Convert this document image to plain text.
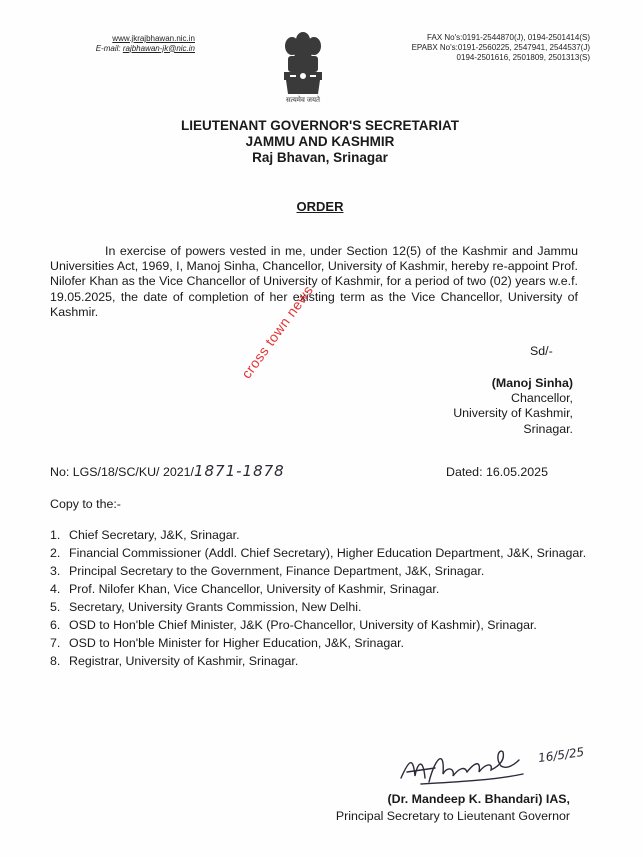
www.jkrajbhawan.nic.in
E-mail: rajbhawan-jk@nic.in
सत्यमेव जयते
FAX No's:0191-2544870(J), 0194-2501414(S)
EPABX No's:0191-2560225, 2547941, 2544537(J)
0194-2501616, 2501809, 2501313(S)
LIEUTENANT GOVERNOR'S SECRETARIAT
JAMMU AND KASHMIR
Raj Bhavan, Srinagar
ORDER
In exercise of powers vested in me, under Section 12(5) of the Kashmir and Jammu Universities Act, 1969, I, Manoj Sinha, Chancellor, University of Kashmir, hereby re-appoint Prof. Nilofer Khan as the Vice Chancellor of University of Kashmir, for a period of two (02) years w.e.f. 19.05.2025, the date of completion of her existing term as the Vice Chancellor, University of Kashmir.	cross town news	Sd/-
(Manoj Sinha)
Chancellor,
University of Kashmir,
Srinagar.
No: LGS/18/SC/KU/ 2021/1871-1878	Dated: 16.05.2025
Copy to the:-
1. Chief Secretary, J&K, Srinagar.
2. Financial Commissioner (Addl. Chief Secretary), Higher Education Department, J&K, Srinagar.
3. Principal Secretary to the Government, Finance Department, J&K, Srinagar.
4. Prof. Nilofer Khan, Vice Chancellor, University of Kashmir, Srinagar.
5. Secretary, University Grants Commission, New Delhi.
6. OSD to Hon'ble Chief Minister, J&K (Pro-Chancellor, University of Kashmir), Srinagar.
7. OSD to Hon'ble Minister for Higher Education, J&K, Srinagar.
8. Registrar, University of Kashmir, Srinagar.
16/5/25
(Dr. Mandeep K. Bhandari) IAS,
Principal Secretary to Lieutenant Governor
